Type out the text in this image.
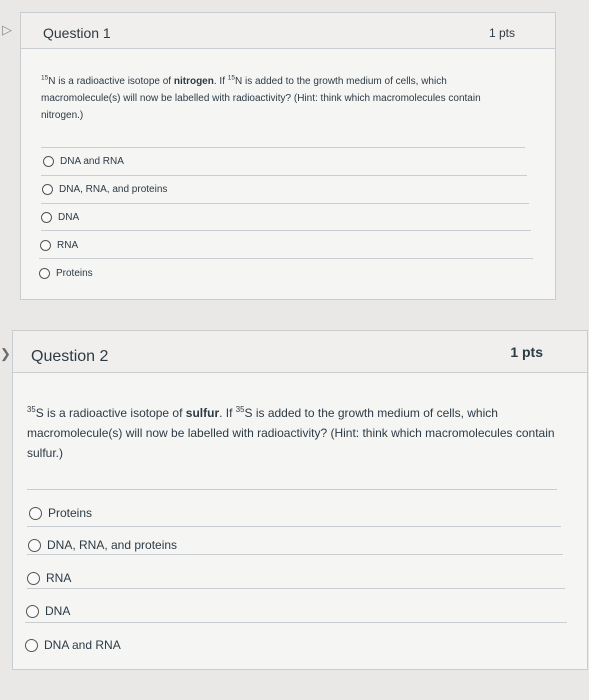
▷
❯
Question 1	1 pts
$^{15}$N is a radioactive isotope of nitrogen. If $^{15}$N is added to the growth medium of cells, which macromolecule(s) will now be labelled with radioactivity? (Hint: think which macromolecules contain nitrogen.)
DNA and RNA
DNA, RNA, and proteins
DNA
RNA
Proteins
Question 2	1 pts
$^{35}$S is a radioactive isotope of sulfur. If $^{35}$S is added to the growth medium of cells, which macromolecule(s) will now be labelled with radioactivity? (Hint: think which macromolecules contain sulfur.)
Proteins
DNA, RNA, and proteins
RNA
DNA
DNA and RNA
